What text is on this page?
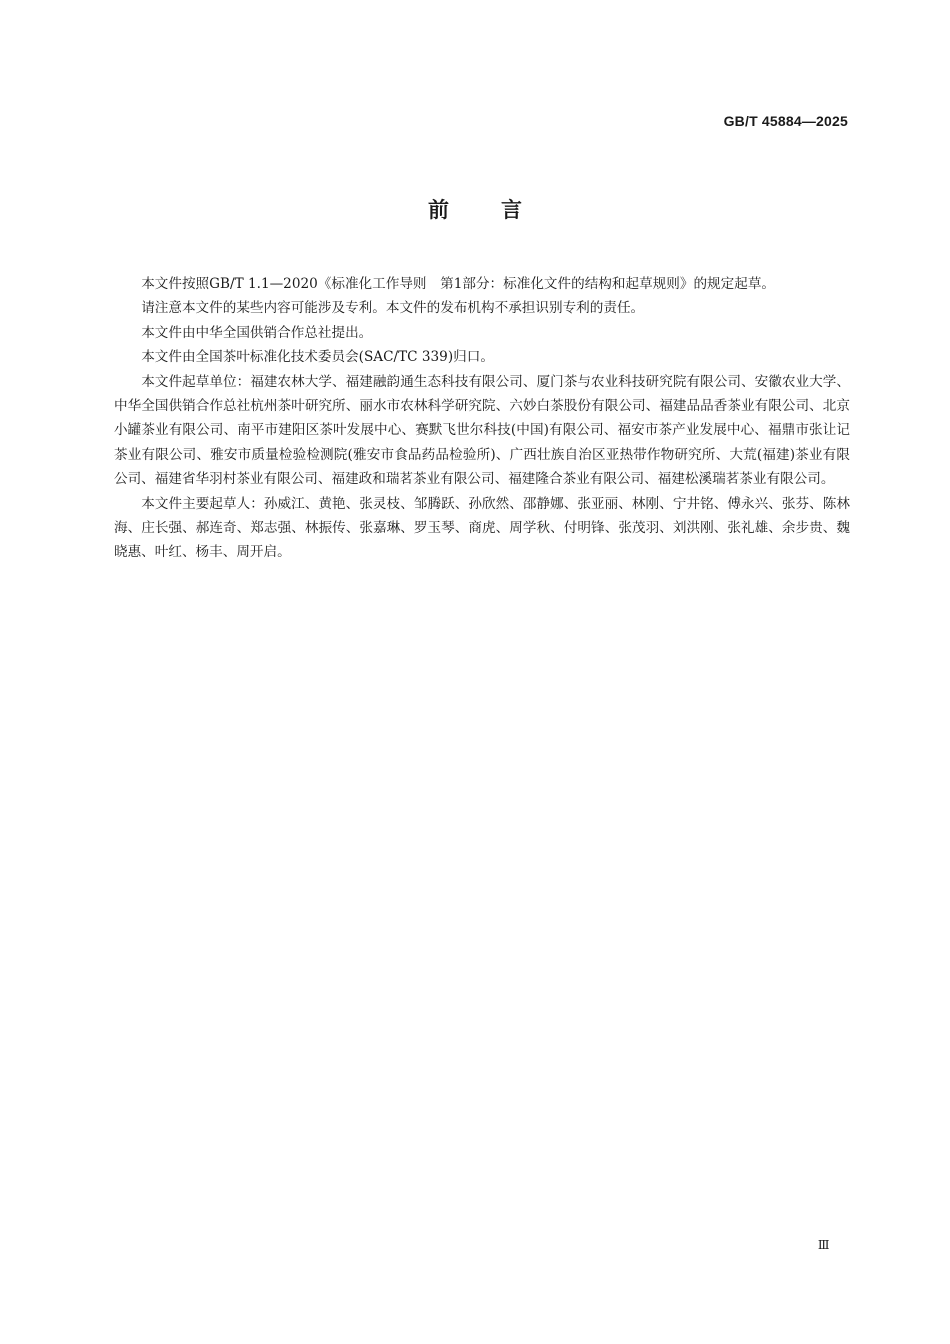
GB/T 45884—2025
前 言

本文件按照GB/T 1.1—2020《标准化工作导则　第1部分：标准化文件的结构和起草规则》的规定起草。

请注意本文件的某些内容可能涉及专利。本文件的发布机构不承担识别专利的责任。

本文件由中华全国供销合作总社提出。

本文件由全国茶叶标准化技术委员会(SAC/TC 339)归口。

本文件起草单位：福建农林大学、福建融韵通生态科技有限公司、厦门茶与农业科技研究院有限公司、安徽农业大学、中华全国供销合作总社杭州茶叶研究所、丽水市农林科学研究院、六妙白茶股份有限公司、福建品品香茶业有限公司、北京小罐茶业有限公司、南平市建阳区茶叶发展中心、赛默飞世尔科技(中国)有限公司、福安市茶产业发展中心、福鼎市张让记茶业有限公司、雅安市质量检验检测院(雅安市食品药品检验所)、广西壮族自治区亚热带作物研究所、大荒(福建)茶业有限公司、福建省华羽村茶业有限公司、福建政和瑞茗茶业有限公司、福建隆合茶业有限公司、福建松溪瑞茗茶业有限公司。

本文件主要起草人：孙威江、黄艳、张灵枝、邹腾跃、孙欣然、邵静娜、张亚丽、林刚、宁井铭、傅永兴、张芬、陈林海、庄长强、郝连奇、郑志强、林振传、张嘉琳、罗玉琴、商虎、周学秋、付明锋、张茂羽、刘洪刚、张礼雄、余步贵、魏晓惠、叶红、杨丰、周开启。

Ⅲ
